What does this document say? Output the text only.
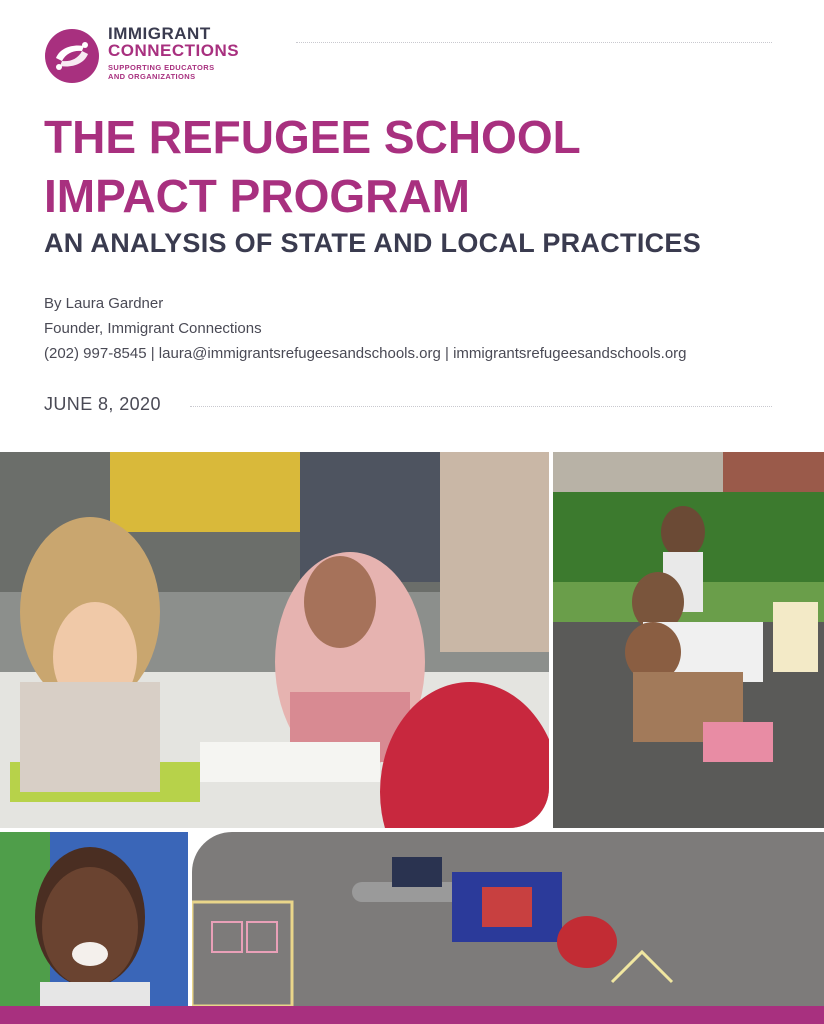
IMMIGRANT
CONNECTIONS
SUPPORTING EDUCATORS
AND ORGANIZATIONS
THE REFUGEE SCHOOL
IMPACT PROGRAM
AN ANALYSIS OF STATE AND LOCAL PRACTICES
By Laura Gardner
Founder, Immigrant Connections
(202) 997-8545 | laura@immigrantsrefugeesandschools.org | immigrantsrefugeesandschools.org
JUNE 8, 2020
